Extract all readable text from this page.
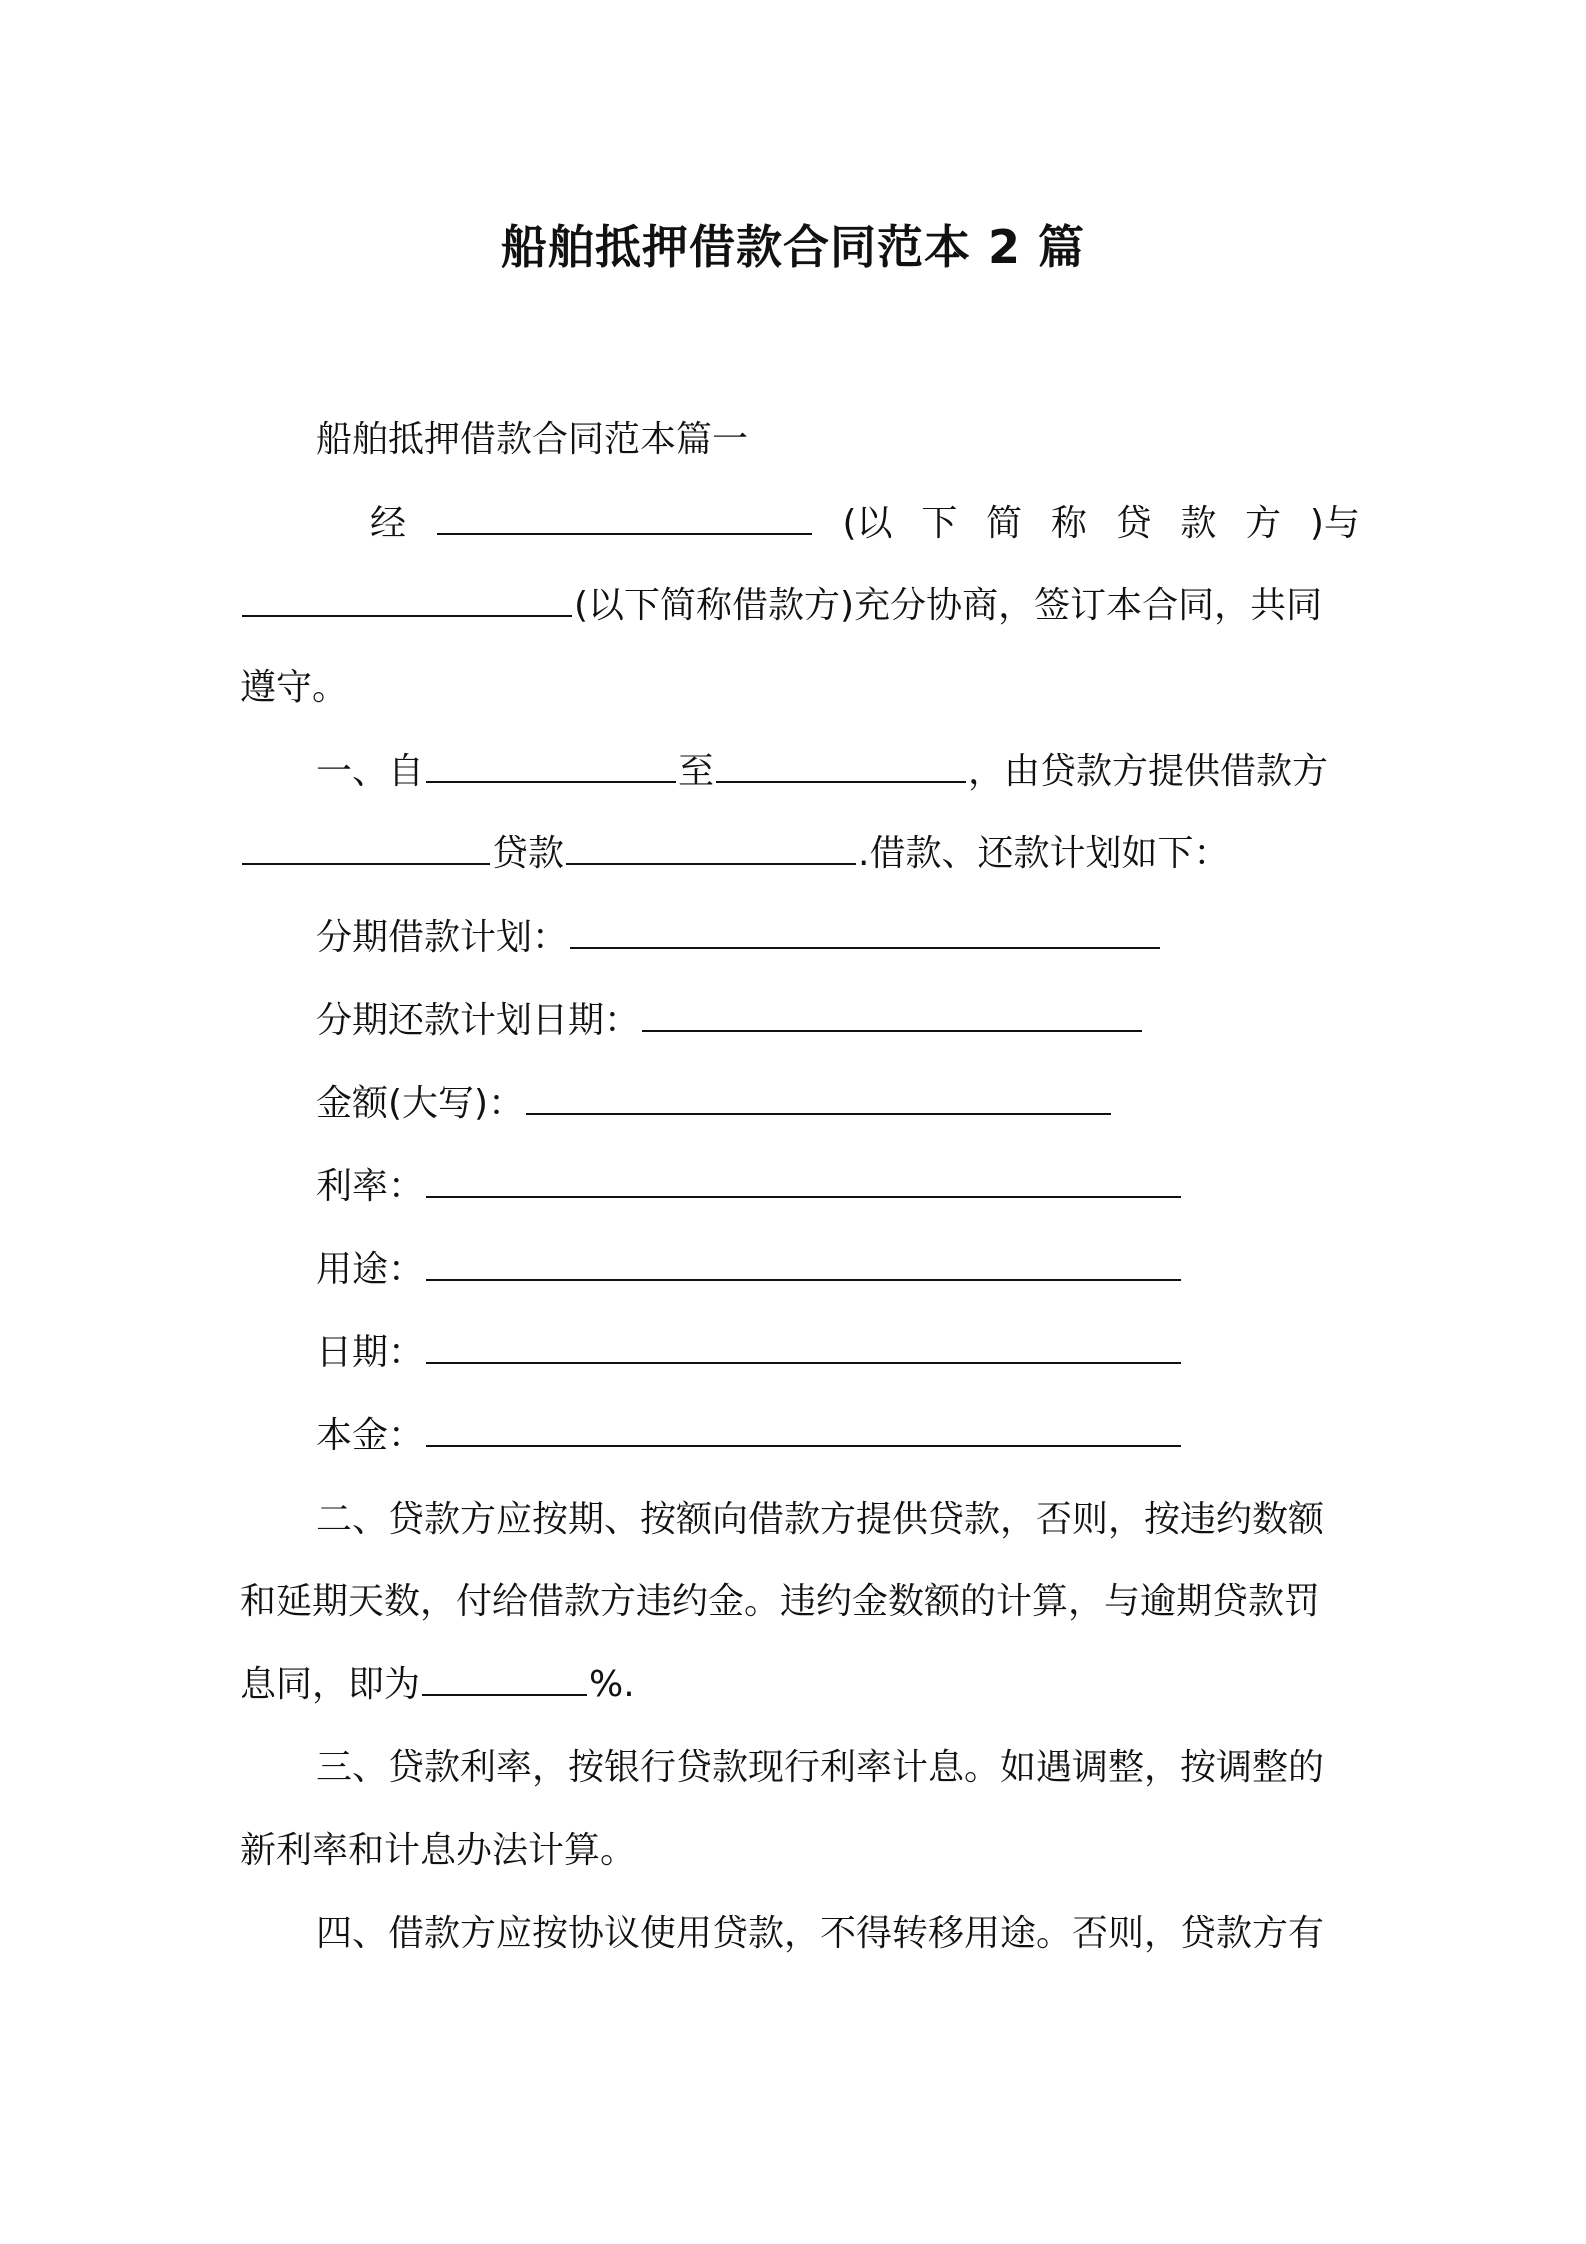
船舶抵押借款合同范本 2 篇
船舶抵押借款合同范本篇一
经	(以 下 简 称 贷 款 方 )与
(以下简称借款方)充分协商，签订本合同，共同
遵守。
一、自	至	，由贷款方提供借款方
贷款	.借款、还款计划如下：
分期借款计划：
分期还款计划日期：
金额(大写)：
利率：
用途：
日期：
本金：
二、贷款方应按期、按额向借款方提供贷款，否则，按违约数额
和延期天数，付给借款方违约金。违约金数额的计算，与逾期贷款罚
息同，即为	%.
三、贷款利率，按银行贷款现行利率计息。如遇调整，按调整的
新利率和计息办法计算。
四、借款方应按协议使用贷款，不得转移用途。否则，贷款方有
